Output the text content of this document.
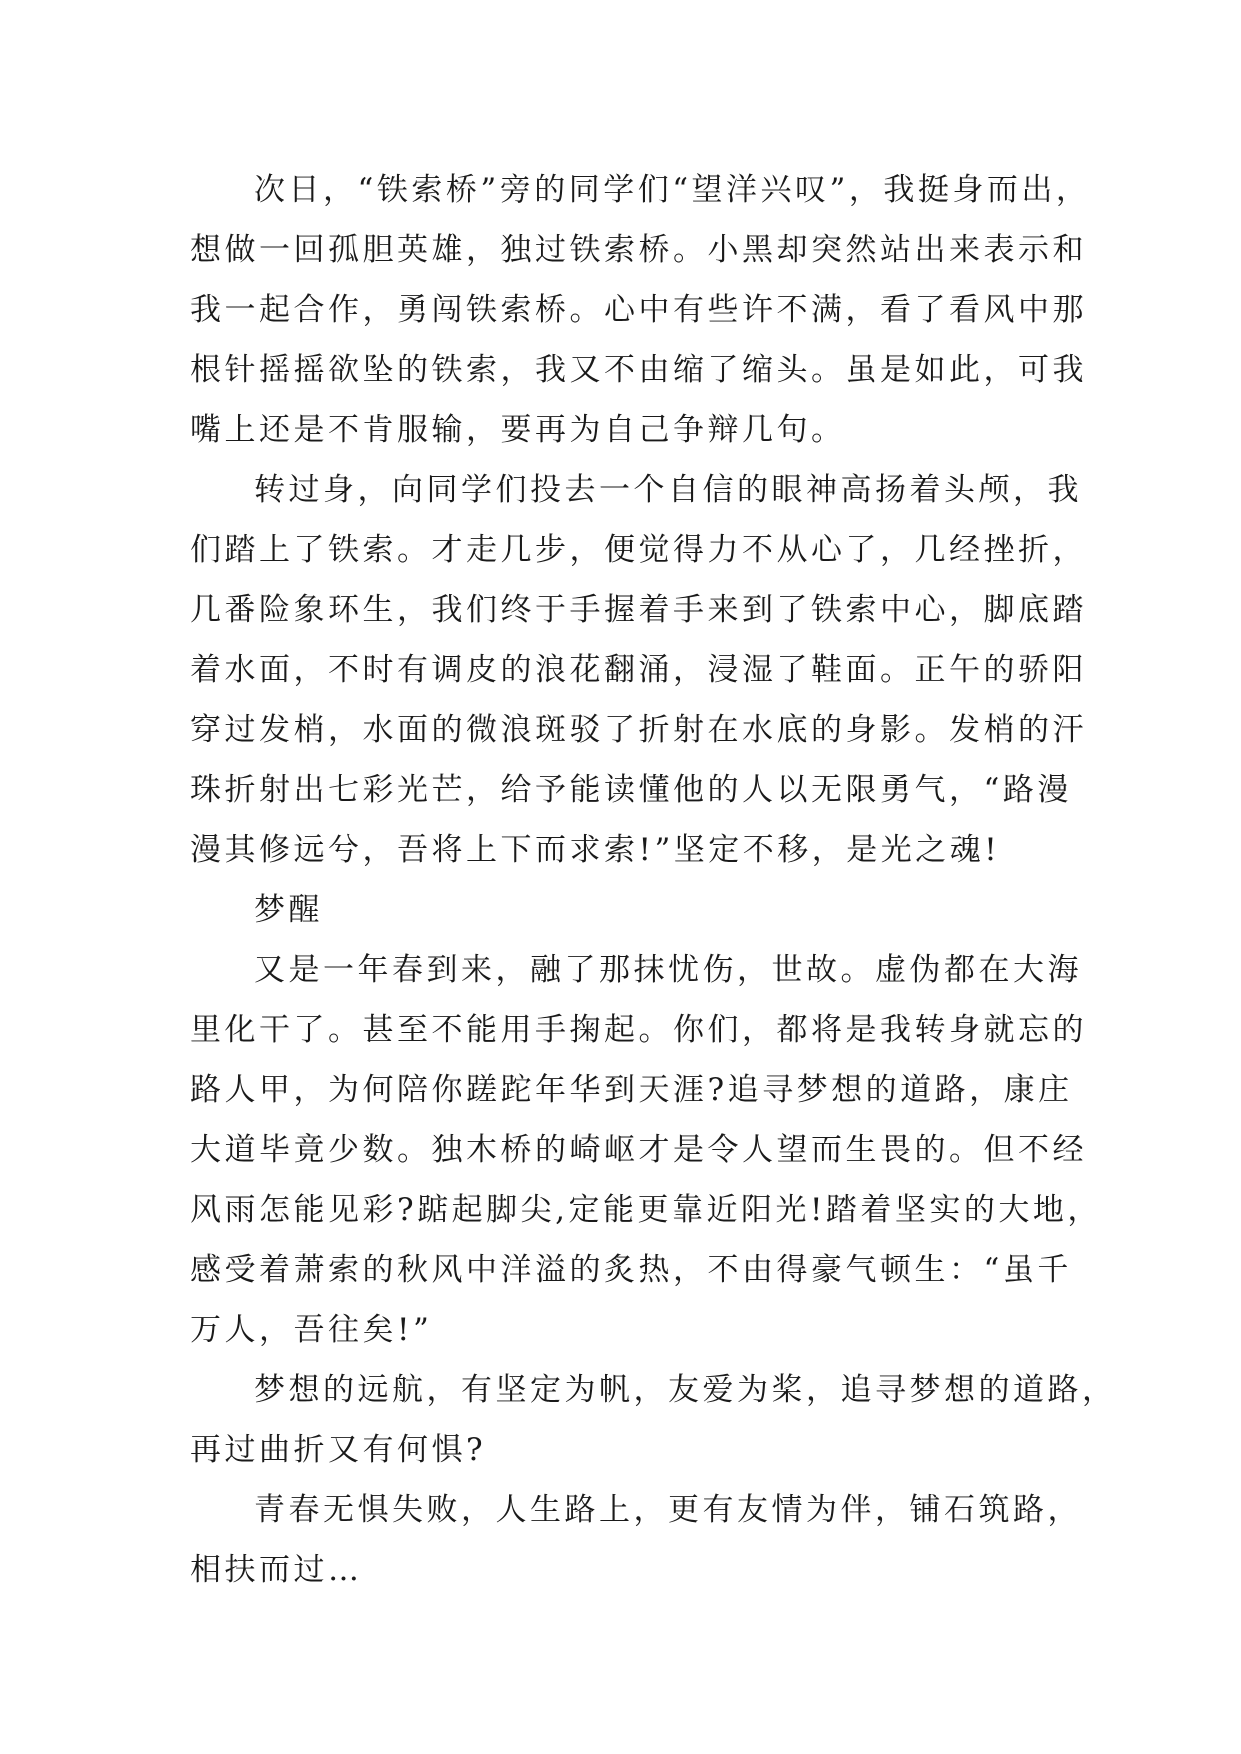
次日，“铁索桥”旁的同学们“望洋兴叹”，我挺身而出，
想做一回孤胆英雄，独过铁索桥。小黑却突然站出来表示和
我一起合作，勇闯铁索桥。心中有些许不满，看了看风中那
根针摇摇欲坠的铁索，我又不由缩了缩头。虽是如此，可我
嘴上还是不肯服输，要再为自己争辩几句。
转过身，向同学们投去一个自信的眼神高扬着头颅，我
们踏上了铁索。才走几步，便觉得力不从心了，几经挫折，
几番险象环生，我们终于手握着手来到了铁索中心，脚底踏
着水面，不时有调皮的浪花翻涌，浸湿了鞋面。正午的骄阳
穿过发梢，水面的微浪斑驳了折射在水底的身影。发梢的汗
珠折射出七彩光芒，给予能读懂他的人以无限勇气，“路漫
漫其修远兮，吾将上下而求索!”坚定不移，是光之魂!
梦醒
又是一年春到来，融了那抹忧伤，世故。虚伪都在大海
里化干了。甚至不能用手掬起。你们，都将是我转身就忘的
路人甲，为何陪你蹉跎年华到天涯?追寻梦想的道路，康庄
大道毕竟少数。独木桥的崎岖才是令人望而生畏的。但不经
风雨怎能见彩?踮起脚尖,定能更靠近阳光!踏着坚实的大地，
感受着萧索的秋风中洋溢的炙热，不由得豪气顿生：“虽千
万人，吾往矣!”
梦想的远航，有坚定为帆，友爱为桨，追寻梦想的道路，
再过曲折又有何惧?
青春无惧失败，人生路上，更有友情为伴，铺石筑路，
相扶而过…
